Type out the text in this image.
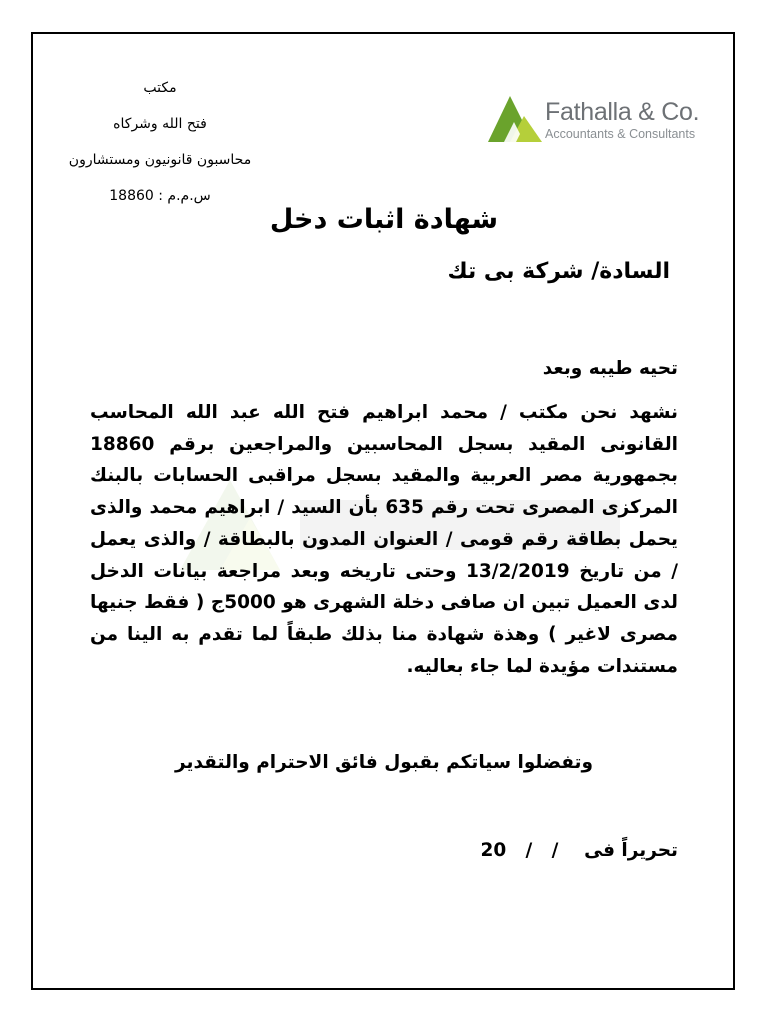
مكتب
فتح الله وشركاه
محاسبون قانونيون ومستشارون
س.م.م : 18860
Fathalla & Co.
Accountants & Consultants
شهادة اثبات دخل
السادة/ شركة بى تك
تحيه طيبه وبعد
نشهد نحن مكتب / محمد ابراهيم فتح الله عبد الله المحاسب القانونى المقيد بسجل المحاسبين والمراجعين برقم 18860 بجمهورية مصر العربية والمقيد بسجل مراقبى الحسابات بالبنك المركزى المصرى تحت رقم 635 بأن السيد / ابراهيم محمد والذى يحمل بطاقة رقم قومى / العنوان المدون بالبطاقة / والذى يعمل / من تاريخ 13/2/2019 وحتى تاريخه وبعد مراجعة بيانات الدخل لدى العميل تبين ان صافى دخلة الشهرى هو 5000ج ( فقط جنيها مصرى لاغير ) وهذة شهادة منا بذلك طبقاً لما تقدم به الينا من مستندات مؤيدة لما جاء بعاليه.
وتفضلوا سياتكم بقبول فائق الاحترام والتقدير
تحريراً فى    /   /   20
